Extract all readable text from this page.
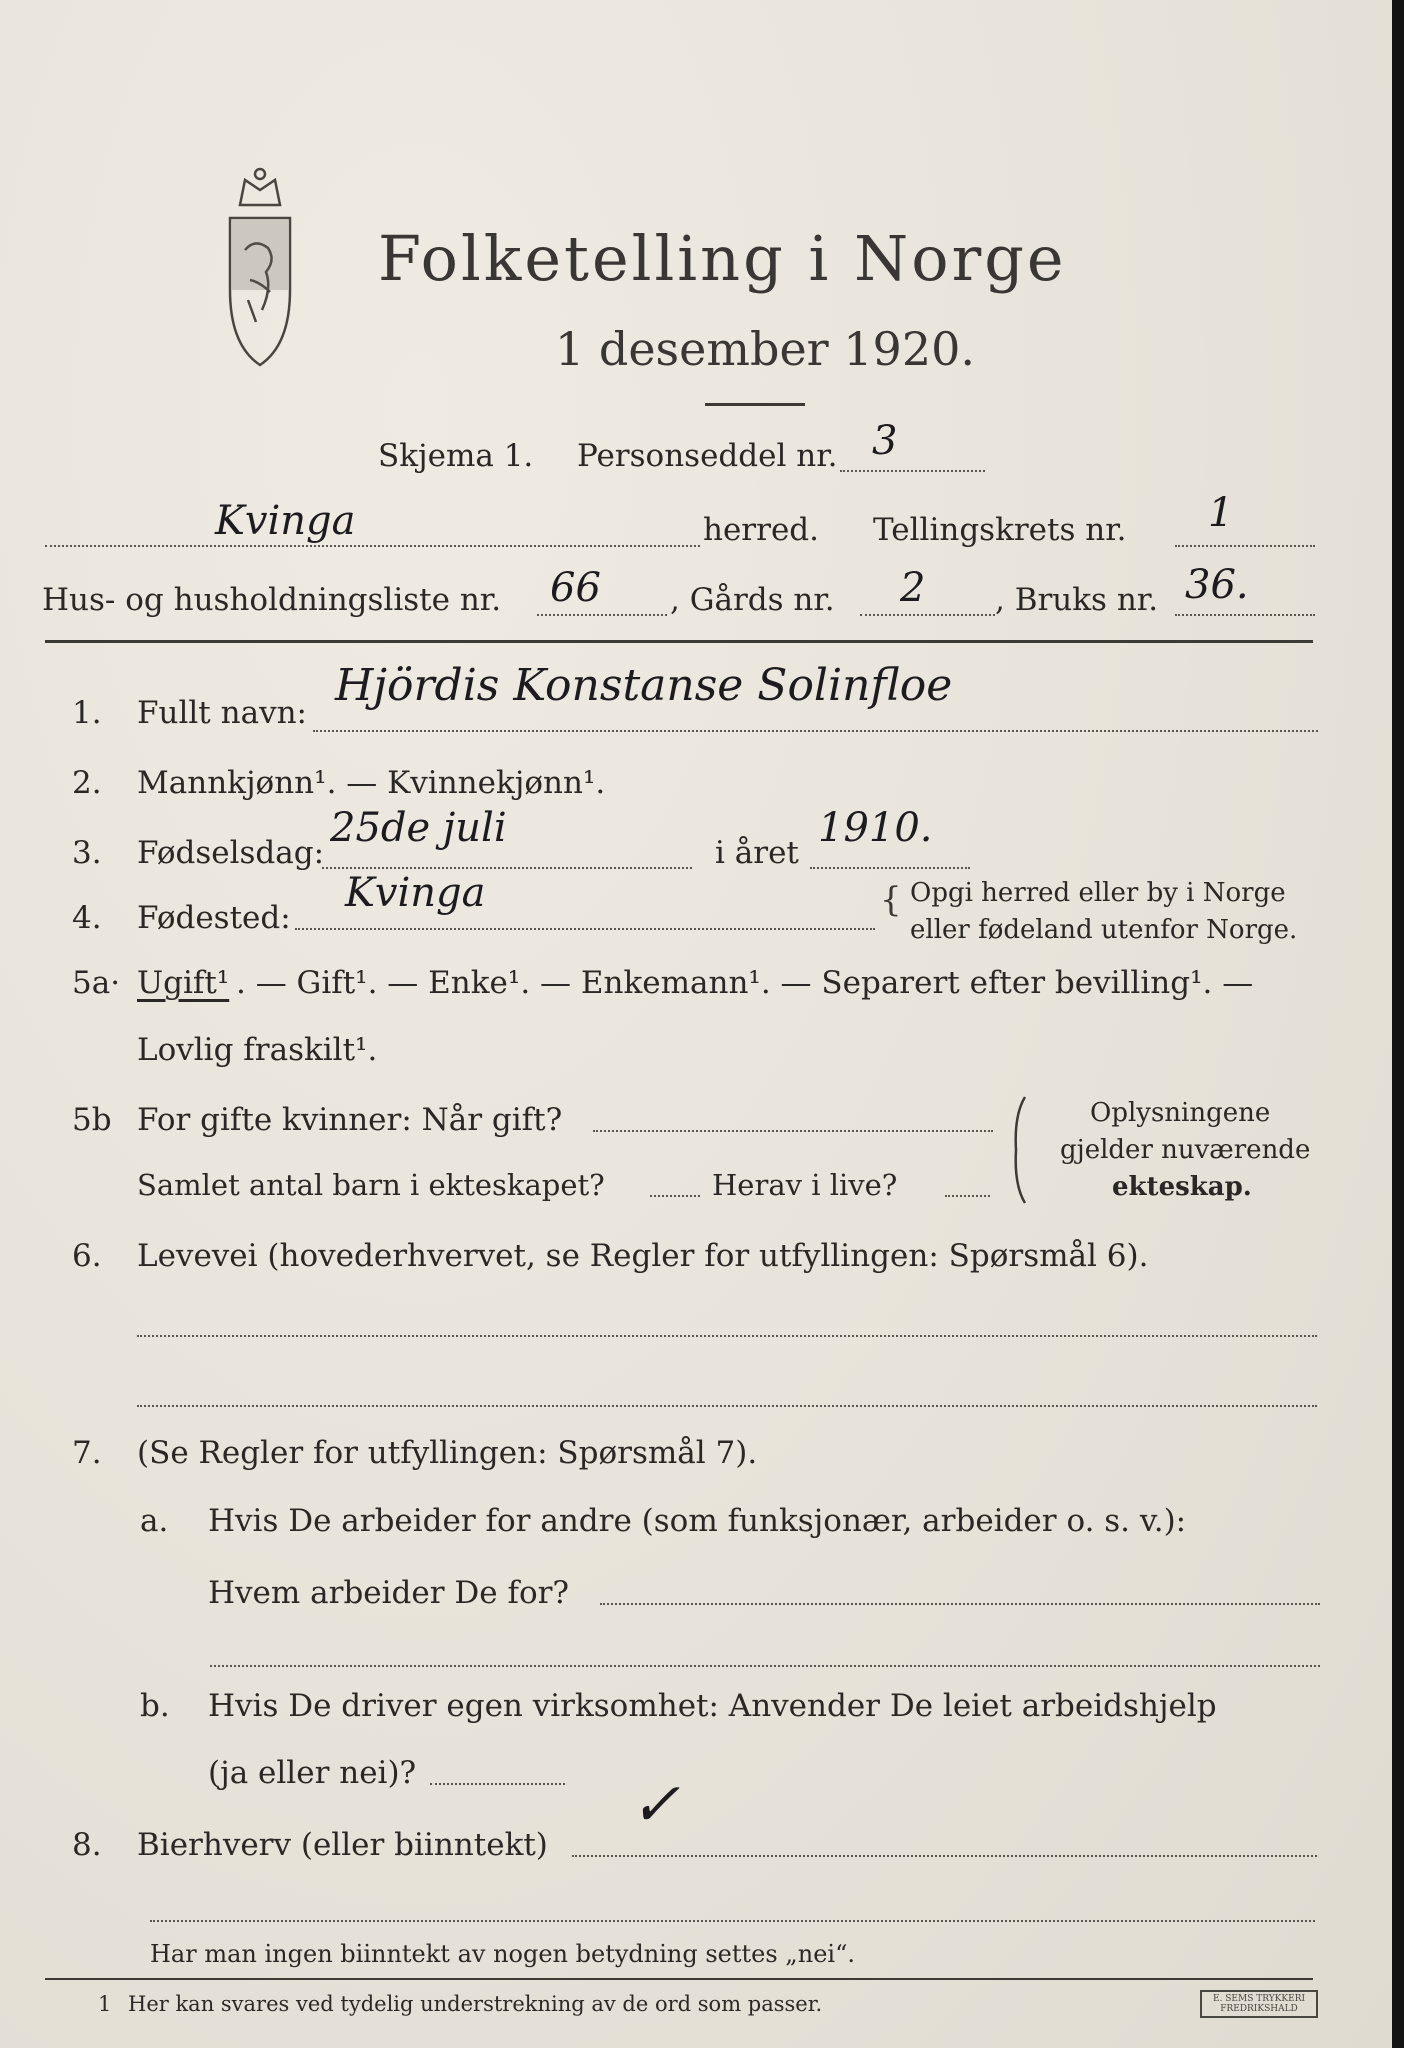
Folketelling i Norge
1 desember 1920.
Skjema 1. Personseddel nr. 3
Kvinga	herred. Tellingskrets nr. 1
Hus- og husholdningsliste nr. 66 , Gårds nr. 2 , Bruks nr. 36.
1. Fullt navn:
Hjördis Konstanse Solinfloe
2. Mannkjønn¹. — Kvinnekjønn¹.
3. Fødselsdag:
25de juli
i året
1910.
4. Fødested:
Kvinga	{ Opgi herred eller by i Norge
eller fødeland utenfor Norge.
5a· Ugift¹ . — Gift¹. — Enke¹. — Enkemann¹. — Separert efter bevilling¹. —
Lovlig fraskilt¹.
5b For gifte kvinner: Når gift?
Samlet antal barn i ekteskapet?	Herav i live?
Oplysningene
gjelder nuværende
ekteskap.
6. Levevei (hovederhvervet, se Regler for utfyllingen: Spørsmål 6).
7. (Se Regler for utfyllingen: Spørsmål 7).
a. Hvis De arbeider for andre (som funksjonær, arbeider o. s. v.):
Hvem arbeider De for?
b. Hvis De driver egen virksomhet: Anvender De leiet arbeidshjelp
(ja eller nei)?
8. Bierhverv (eller biinntekt)
✓
Har man ingen biinntekt av nogen betydning settes „nei“.
1 Her kan svares ved tydelig understrekning av de ord som passer.	E. SEMS TRYKKERI
FREDRIKSHALD
